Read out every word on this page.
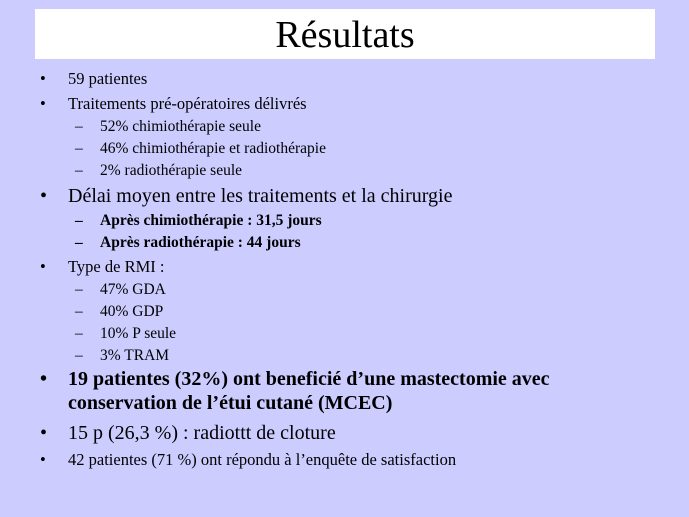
Résultats
• 59 patientes
• Traitements pré-opératoires délivrés
– 52% chimiothérapie seule
– 46% chimiothérapie et radiothérapie
– 2% radiothérapie seule
• Délai moyen entre les traitements et la chirurgie
– Après chimiothérapie : 31,5 jours
– Après radiothérapie : 44 jours
• Type de RMI :
– 47% GDA
– 40% GDP
– 10% P seule
– 3% TRAM
• 19 patientes (32%) ont beneficié d’une mastectomie avec
conservation de l’étui cutané (MCEC)
• 15 p (26,3 %) : radiottt de cloture
• 42 patientes (71 %) ont répondu à l’enquête de satisfaction
